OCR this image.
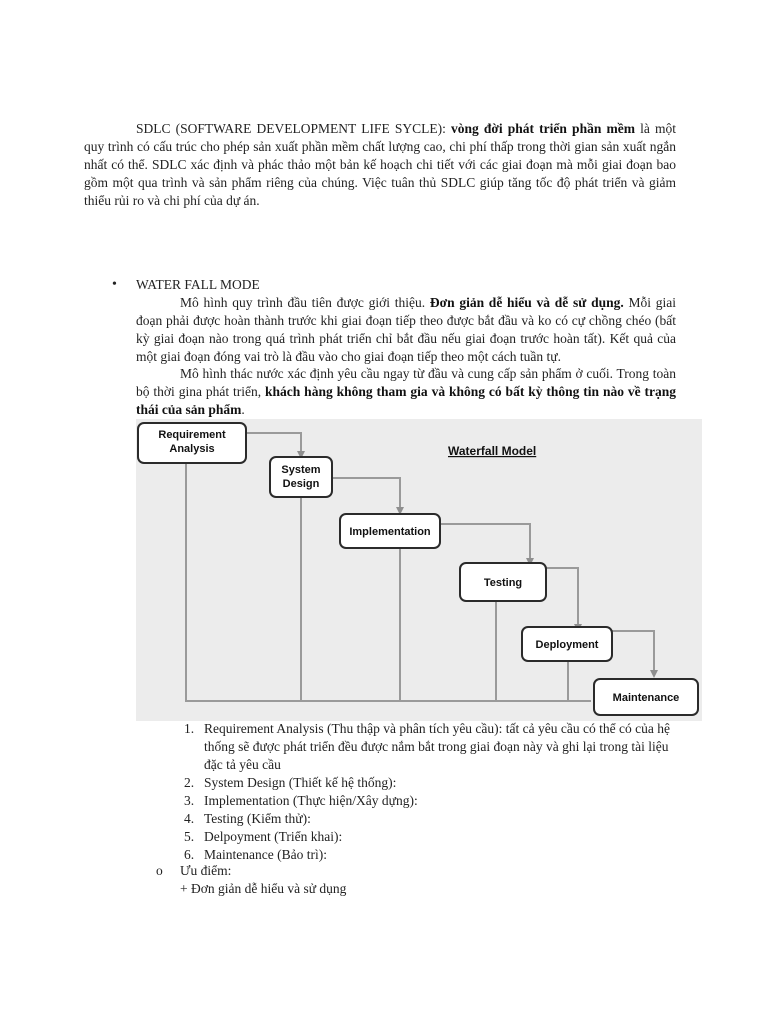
SDLC (SOFTWARE DEVELOPMENT LIFE SYCLE): vòng đời phát triển phần mềm là một quy trình có cấu trúc cho phép sản xuất phần mềm chất lượng cao, chi phí thấp trong thời gian sản xuất ngắn nhất có thể. SDLC xác định và phác thảo một bản kế hoạch chi tiết với các giai đoạn mà mỗi giai đoạn bao gồm một qua trình và sản phẩm riêng của chúng. Việc tuân thủ SDLC giúp tăng tốc độ phát triển và giảm thiểu rủi ro và chi phí của dự án.

• WATER FALL MODE

Mô hình quy trình đầu tiên được giới thiệu. Đơn giản dễ hiểu và dễ sử dụng. Mỗi giai đoạn phải được hoàn thành trước khi giai đoạn tiếp theo được bắt đầu và ko có cự chồng chéo (bất kỳ giai đoạn nào trong quá trình phát triển chỉ bắt đầu nếu giai đoạn trước hoàn tất). Kết quả của một giai đoạn đóng vai trò là đầu vào cho giai đoạn tiếp theo một cách tuần tự.

Mô hình thác nước xác định yêu cầu ngay từ đầu và cung cấp sản phẩm ở cuối. Trong toàn bộ thời gina phát triển, khách hàng không tham gia và không có bất kỳ thông tin nào về trạng thái của sản phẩm.

Waterfall Model
Requirement
Analysis
System
Design
Implementation
Testing
Deployment
Maintenance

1. Requirement Analysis (Thu thập và phân tích yêu cầu): tất cả yêu cầu có thể có của hệ thống sẽ được phát triển đều được nắm bắt trong giai đoạn này và ghi lại trong tài liệu đặc tả yêu cầu

2. System Design (Thiết kế hệ thống):

3. Implementation (Thực hiện/Xây dựng):

4. Testing (Kiểm thử):

5. Delpoyment (Triển khai):

6. Maintenance (Bảo trì):

o Ưu điểm:
+ Đơn giản dễ hiểu và sử dụng
